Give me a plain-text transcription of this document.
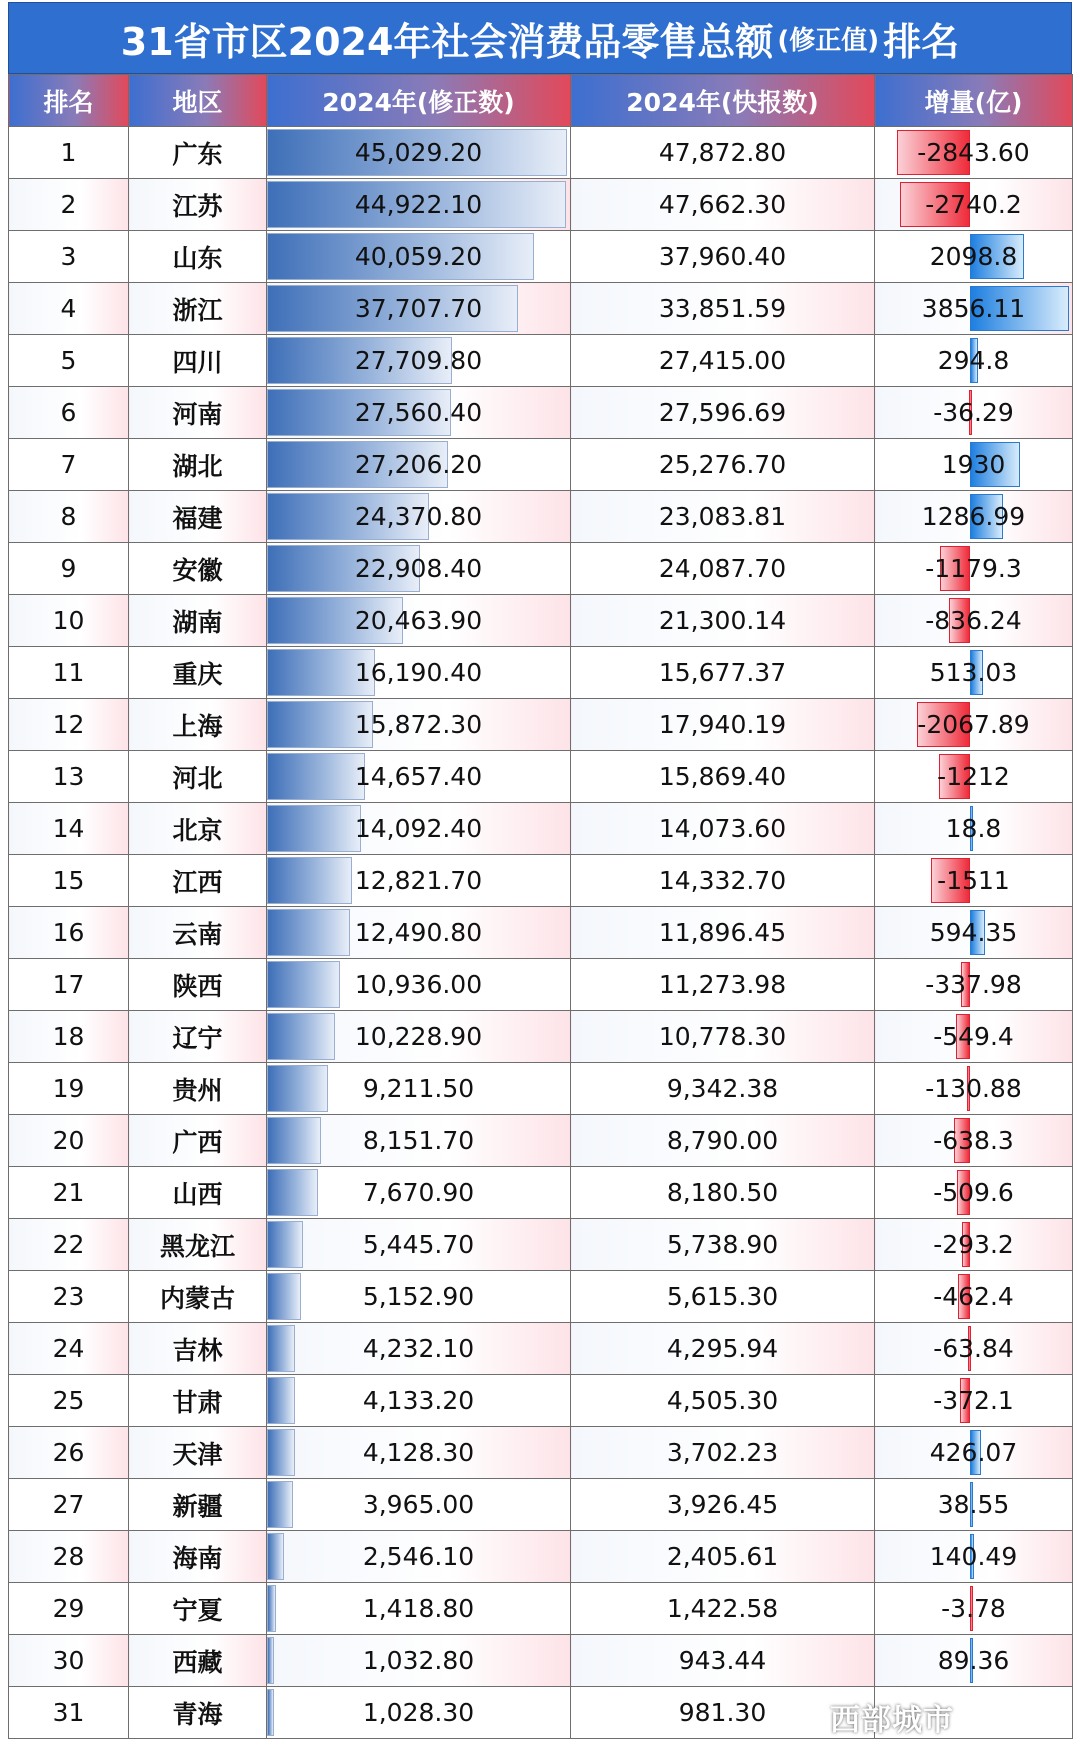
31省市区2024年社会消费品零售总额 (修正值) 排名
排名	地区	2024年(修正数)	2024年(快报数)	增量(亿)
1	广东	45,029.20	47,872.80	-2843.60
2	江苏	44,922.10	47,662.30	-2740.2
3	山东	40,059.20	37,960.40	2098.8
4	浙江	37,707.70	33,851.59	3856.11
5	四川	27,709.80	27,415.00	294.8
6	河南	27,560.40	27,596.69	-36.29
7	湖北	27,206.20	25,276.70	1930
8	福建	24,370.80	23,083.81	1286.99
9	安徽	22,908.40	24,087.70	-1179.3
10	湖南	20,463.90	21,300.14	-836.24
11	重庆	16,190.40	15,677.37	513.03
12	上海	15,872.30	17,940.19	-2067.89
13	河北	14,657.40	15,869.40	-1212
14	北京	14,092.40	14,073.60	18.8
15	江西	12,821.70	14,332.70	-1511
16	云南	12,490.80	11,896.45	594.35
17	陕西	10,936.00	11,273.98	-337.98
18	辽宁	10,228.90	10,778.30	-549.4
19	贵州	9,211.50	9,342.38	-130.88
20	广西	8,151.70	8,790.00	-638.3
21	山西	7,670.90	8,180.50	-509.6
22	黑龙江	5,445.70	5,738.90	-293.2
23	内蒙古	5,152.90	5,615.30	-462.4
24	吉林	4,232.10	4,295.94	-63.84
25	甘肃	4,133.20	4,505.30	-372.1
26	天津	4,128.30	3,702.23	426.07
27	新疆	3,965.00	3,926.45	38.55
28	海南	2,546.10	2,405.61	140.49
29	宁夏	1,418.80	1,422.58	-3.78
30	西藏	1,032.80	943.44	89.36
31	青海	1,028.30	981.30	西部城市
